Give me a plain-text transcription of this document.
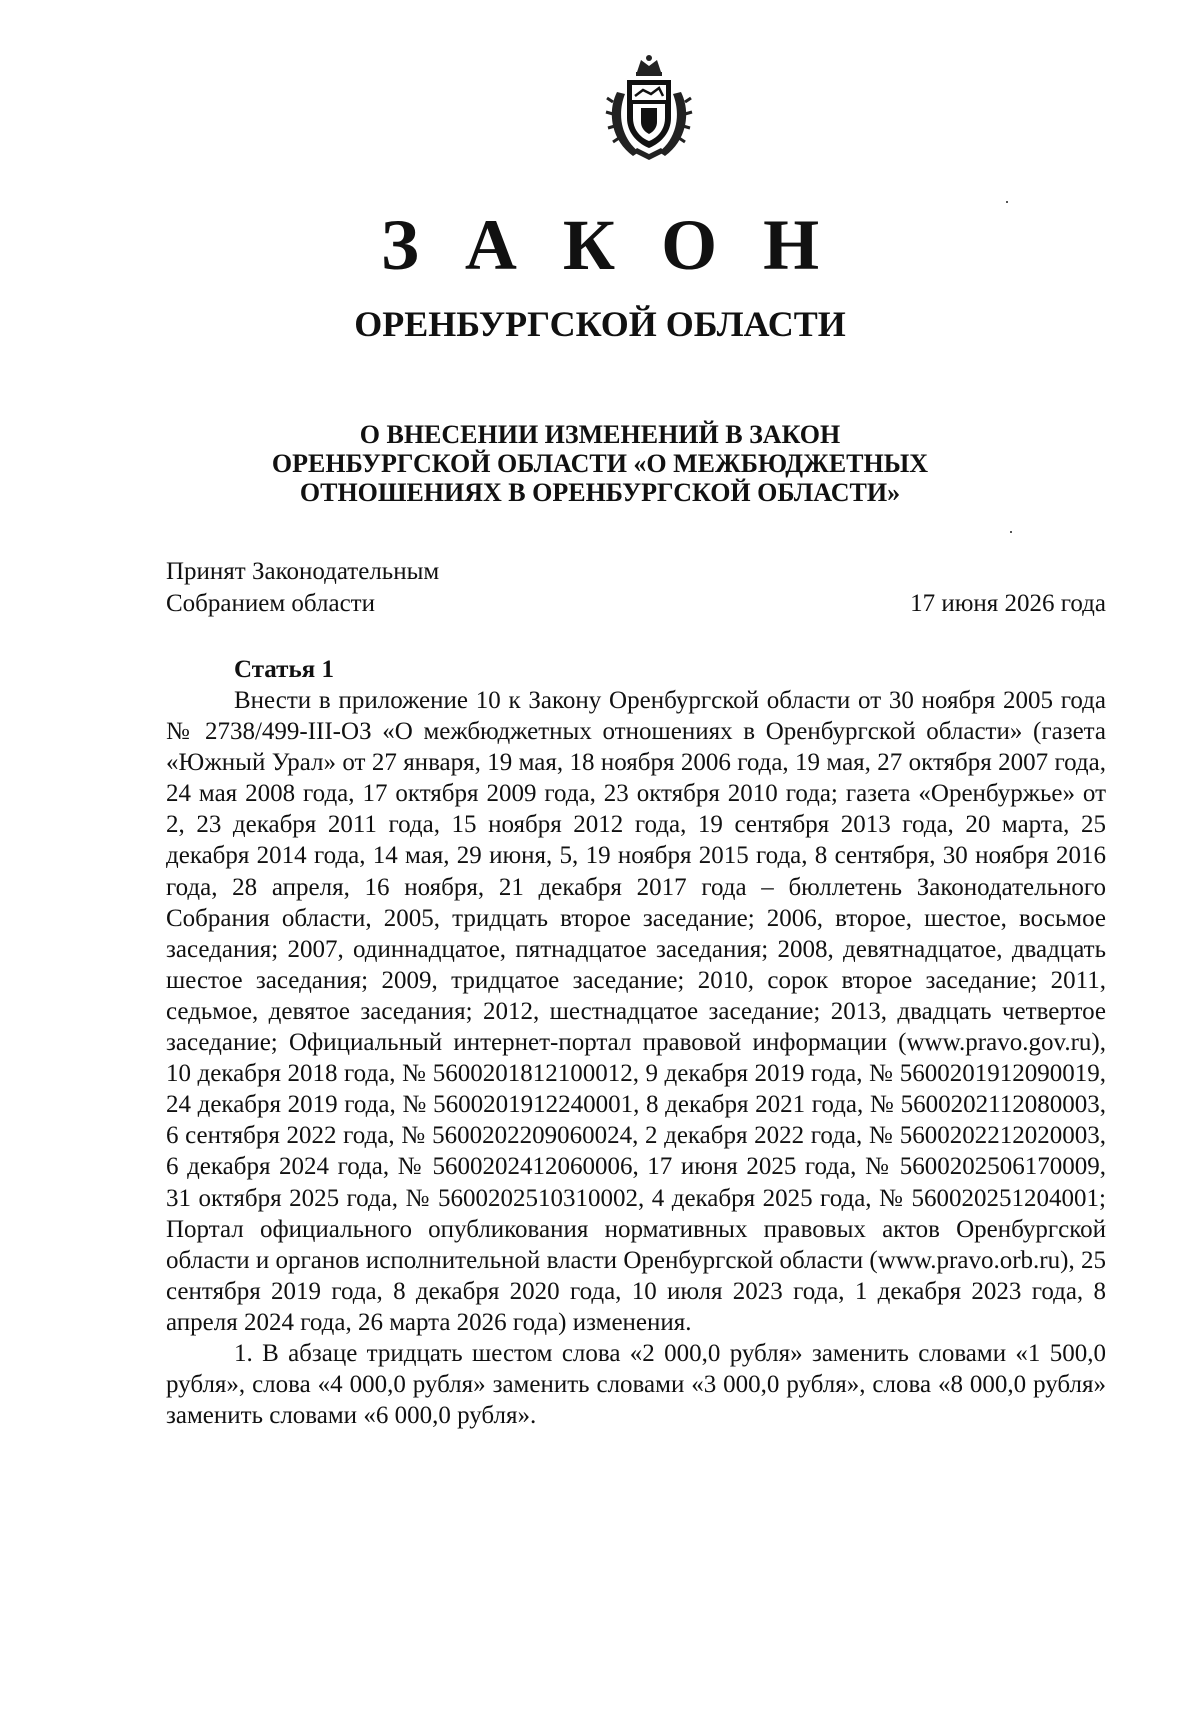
З А К О Н
ОРЕНБУРГСКОЙ ОБЛАСТИ
О ВНЕСЕНИИ ИЗМЕНЕНИЙ В ЗАКОН
ОРЕНБУРГСКОЙ ОБЛАСТИ «О МЕЖБЮДЖЕТНЫХ
ОТНОШЕНИЯХ В ОРЕНБУРГСКОЙ ОБЛАСТИ»
Принят Законодательным
Собранием области	17 июня 2026 года
Статья 1

Внести в приложение 10 к Закону Оренбургской области от 30 ноября 2005 года № 2738/499-III-ОЗ «О межбюджетных отношениях в Оренбургской области» (газета «Южный Урал» от 27 января, 19 мая, 18 ноября 2006 года, 19 мая, 27 октября 2007 года, 24 мая 2008 года, 17 октября 2009 года, 23 октября 2010 года; газета «Оренбуржье» от 2, 23 декабря 2011 года, 15 ноября 2012 года, 19 сентября 2013 года, 20 марта, 25 декабря 2014 года, 14 мая, 29 июня, 5, 19 ноября 2015 года, 8 сентября, 30 ноября 2016 года, 28 апреля, 16 ноября, 21 декабря 2017 года – бюллетень Законодательного Собрания области, 2005, тридцать второе заседание; 2006, второе, шестое, восьмое заседания; 2007, одиннадцатое, пятнадцатое заседания; 2008, девятнадцатое, двадцать шестое заседания; 2009, тридцатое заседание; 2010, сорок второе заседание; 2011, седьмое, девятое заседания; 2012, шестнадцатое заседание; 2013, двадцать четвертое заседание; Официальный интернет-портал правовой информации (www.pravo.gov.ru), 10 декабря 2018 года, № 5600201812100012, 9 декабря 2019 года, № 5600201912090019, 24 декабря 2019 года, № 5600201912240001, 8 декабря 2021 года, № 5600202112080003, 6 сентября 2022 года, № 5600202209060024, 2 декабря 2022 года, № 5600202212020003, 6 декабря 2024 года, № 5600202412060006, 17 июня 2025 года, № 5600202506170009, 31 октября 2025 года, № 5600202510310002, 4 декабря 2025 года, № 560020251204001; Портал официального опубликования нормативных правовых актов Оренбургской области и органов исполнительной власти Оренбургской области (www.pravo.orb.ru), 25 сентября 2019 года, 8 декабря 2020 года, 10 июля 2023 года, 1 декабря 2023 года, 8 апреля 2024 года, 26 марта 2026 года) изменения.

1. В абзаце тридцать шестом слова «2 000,0 рубля» заменить словами «1 500,0 рубля», слова «4 000,0 рубля» заменить словами «3 000,0 рубля», слова «8 000,0 рубля» заменить словами «6 000,0 рубля».
